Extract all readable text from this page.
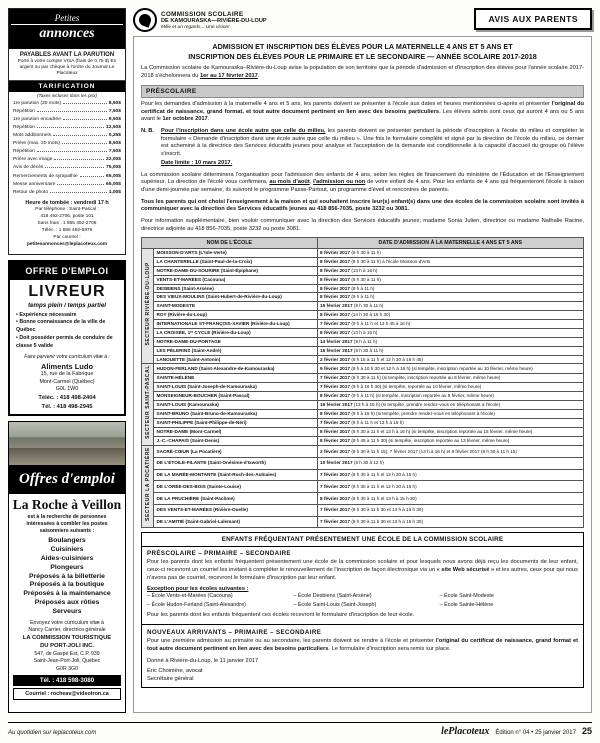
Petites
annonces
PAYABLES AVANT LA PARUTION
Porté à votre compte VISA (frais de 0,75 $) En argent ou par chèque à l'ordre du Journal Le Placoteux
TARIFICATION
(Taxes incluses dans les prix)
1re parution (20 mots)	8,50$
Répétition	7,50$
1re parution encadrée	9,50$
Répétition	12,50$
Mots additionnels	0,25$
Prière (max. 20 mots)	8,50$
Répétition	7,50$
Prière avec image	22,00$
Avis de décès	75,00$
Remerciements de sympathie	65,00$
Messe anniversaire	65,00$
Retour de photo	1,00$
Heure de tombée : vendredi 17 h
Par téléphone : Saint-Pascal :
418 492-2706, poste 101
Sans frais : 1 855 492-2706
Téléc. : 1 855 492-5976
Par courriel :
petitesannonces@leplacoteux.com
OFFRE D'EMPLOI
LIVREUR
temps plein / temps partiel
• Expérience nécessaire
• Bonne connaissance de la ville de Québec
• Doit posséder permis de conduire de classe 5 valide
Faire parvenir votre curriculum vitæ à :
Aliments Ludo
15, rue de la Fabrique
Mont-Carmel (Québec)
G0L 1W0
Téléc. : 418 498-2404
Tél. : 418 498-2945
Offres d'emploi
La Roche à Veillon
est à la recherche de personnes intéressées à combler les postes saisonniers suivants :
Boulangers
Cuisiniers
Aides-cuisiniers
Plongeurs
Préposés à la billetterie
Préposés à la boutique
Préposés à la maintenance
Préposés aux rôties
Serveurs
Envoyez votre curriculum vitæ à
Nancy Carrier, directrice générale
LA COMMISSION TOURISTIQUE
DU PORT-JOLI INC.
547, de Gaspé Est, C.P. 939
Saint-Jean-Port-Joli, Québec
G0R 3G0
Tél. : 418 598-3080
Courriel : rocheav@videotron.ca
COMMISSION SCOLAIRE
DE KAMOURASKA—RIVIÈRE-DU-LOUP
Mille et un regards... Une vision!
AVIS AUX PARENTS
ADMISSION ET INSCRIPTION DES ÉLÈVES POUR LA MATERNELLE 4 ANS ET 5 ANS ET
INSCRIPTION DES ÉLÈVES POUR LE PRIMAIRE ET LE SECONDAIRE — ANNÉE SCOLAIRE 2017-2018

La Commission scolaire de Kamouraska–Rivière-du-Loup avise la population de son territoire que la période d'admission et d'inscription des élèves pour l'année scolaire 2017-2018 s'échelonnera du 1er au 17 février 2017.

PRÉSCOLAIRE

Pour les demandes d'admission à la maternelle 4 ans et 5 ans, les parents doivent se présenter à l'école aux dates et heures mentionnées ci-après et présenter l'original du certificat de naissance, grand format, et tout autre document pertinent en lien avec des besoins particuliers. Les élèves admis sont ceux qui auront 4 ans ou 5 ans avant le 1er octobre 2017.

N. B.	Pour l'inscription dans une école autre que celle du milieu, les parents doivent se présenter pendant la période d'inscription à l'école du milieu et compléter le formulaire « Demande d'inscription dans une école autre que celle du milieu ». Une fois le formulaire complété et signé par la direction de l'école du milieu, ce dernier est acheminé à la directrice des Services éducatifs jeunes pour analyse et l'acceptation de la demande est conditionnelle à la capacité d'accueil du groupe où l'élève s'inscrit.
Date limite : 10 mars 2017.

La commission scolaire déterminera l'organisation pour l'admission des enfants de 4 ans, selon les règles de financement du ministère de l'Éducation et de l'Enseignement supérieur. La direction de l'école vous confirmera, au mois d'août, l'admission ou non de votre enfant de 4 ans. Pour les enfants de 4 ans qui fréquenteront l'école à raison d'une demi-journée par semaine, ils suivront le programme Passe-Partout, un programme d'éveil et rencontres de parents.

Tous les parents qui ont choisi l'enseignement à la maison et qui souhaitent inscrire leur(s) enfant(s) dans une des écoles de la commission scolaire sont invités à communiquer avec la direction des Services éducatifs jeunes au 418 856-7035, poste 3232 ou 3081.

Pour information supplémentaire, bien vouloir communiquer avec la direction des Services éducatifs jeunes; madame Sonia Julien, directrice ou madame Nathalie Racine, directrice adjointe au 418 856-7035, poste 3232 ou poste 3081.

NOM DE L'ÉCOLE		DATE D'ADMISSION À LA MATERNELLE 4 ANS ET 5 ANS
SECTEUR RIVIÈRE-DU-LOUP	MOISSON-D'ARTS (L'Isle-Verte)	8 février 2017 (8 h 30 à 11 h)
	LA CHANTERELLE (Saint-Paul-de-la-Croix)	8 février 2017 (8 h 30 à 11 h) à l'école Moisson-d'Arts
	NOTRE-DAME-DU-SOURIRE (Saint-Épiphane)	8 février 2017 (13 h à 16 h)
	VENTS-ET-MARÉES (Cacouna)	8 février 2017 (8 h 30 à 11 h)
	DESBIENS (Saint-Arsène)	8 février 2017 (8 h à 11 h)
	DES VIEUX-MOULINS (Saint-Hubert-de-Rivière-du-Loup)	8 février 2017 (9 h à 11 h)
	SAINT-MODESTE	15 février 2017 (8 h 30 à 11 h)
	ROY (Rivière-du-Loup)	8 février 2017 (14 h 30 à 16 h 30)
	INTERNATIONALE ST-FRANÇOIS-XAVIER (Rivière-du-Loup)	7 février 2017 (9 h à 11 h et 13 h 45 à 16 h)
	LA CROISÉE, 1ᵉʳ CYCLE (Rivière-du-Loup)	8 février 2017 (13 h à 16 h)
	NOTRE-DAME-DU-PORTAGE	14 février 2017 (9 h à 11 h)
	LES PÈLERINS (Saint-André)	15 février 2017 (8 h 30 à 11 h)
	LANOUETTE (Saint-Antonin)	2 février 2017 (8 h 15 à 11 h et 12 h 30 à 16 h 45)
SECTEUR SAINT-PASCAL	HUDON-FERLAND (Saint-Alexandre-de-Kamouraska)	9 février 2017 (8 h à 10 h 30 et 12 h à 16 h) (si tempête, inscription reportée au 10 février, même heure)
	SAINTE-HÉLÈNE	7 février 2017 (8 h 30 à 11 h) (si tempête, inscription reportée au 8 février, même heure)
	SAINT-LOUIS (Saint-Joseph-de-Kamouraska)	7 février 2017 (9 h à 16 h 30) (si tempête, reportée au 10 février, même heure)
	MONSEIGNEUR-BOUCHER (Saint-Pascal)	8 février 2017 (9 h à 11 h) (si tempête, inscription reportée au 9 février, même heure)
	SAINT-LOUIS (Kamouraska)	16 février 2017 (13 h à 16 h) (si tempête, prendre rendez-vous en téléphonant à l'école)
	SAINT-BRUNO (Saint-Bruno-de-Kamouraska)	8 février 2017 (9 h à 16 h) (si tempête, prendre rendez-vous en téléphonant à l'école)
	SAINT-PHILIPPE (Saint-Philippe-de-Néri)	7 février 2017 (9 h à 11 h et 13 h à 16 h)
	NOTRE-DAME (Mont-Carmel)	8 février 2017 (8 h 30 à 11 h et 13 h à 16 h) (si tempête, inscription reportée au 15 février, même heure)
	J.-C.-CHAPAIS (Saint-Denis)	8 février 2017 (8 h 45 à 11 h 30) (si tempête, inscription reportée au 13 février, même heure)
SECTEUR LA POCATIÈRE	SACRÉ-CŒUR (La Pocatière)	2 février 2017 (8 h 30 à 11 h 15), 7 février 2017 (13 h à 16 h) et 8 février 2017 (8 h 30 à 11 h 15)
	DE L'ÉTOILE-FILANTE (Saint-Onésime-d'Ixworth)	10 février 2017 (8 h 30 à 12 h)
	DE LA MARÉE-MONTANTE (Saint-Roch-des-Aulnaies)	7 février 2017 (8 h 30 à 11 h et 12 h 30 à 15 h)
	DE L'ORÉE-DES-BOIS (Sainte-Louise)	7 février 2017 (8 h 30 à 11 h et 12 h 30 à 15 h)
	DE LA PRUCHIÈRE (Saint-Pacôme)	8 février 2017 (8 h 30 à 11 h et 13 h à 15 h 30)
	DES VENTS-ET-MARÉES (Rivière-Ouelle)	7 février 2017 (8 h 30 à 11 h 30 et 13 h à 15 h 30)
	DE L'AMITIÉ (Saint-Gabriel-Lalemant)	7 février 2017 (8 h 30 à 11 h 30 et 13 h à 15 h 30)
ENFANTS FRÉQUENTANT PRÉSENTEMENT UNE ÉCOLE DE LA COMMISSION SCOLAIRE
PRÉSCOLAIRE – PRIMAIRE – SECONDAIRE

Pour les parents dont les enfants fréquentent présentement une école de la commission scolaire et pour lesquels nous avons déjà reçu les documents de leur enfant, ceux-ci recevront un courriel les invitant à compléter le renouvellement de l'inscription de façon électronique via un « site Web sécurisé » et les autres, ceux pour qui nous n'avons pas de courriel, recevront le formulaire d'inscription par leur enfant.

Exception pour les écoles suivantes :
– École Vents-et-Marées (Cacouna)	– École Desbiens (Saint-Arsène)	– École Saint-Modeste
– École Hudon-Ferland (Saint-Alexandre)	– École Saint-Louis (Saint-Joseph)	– École Sainte-Hélène

Pour les parents dont les enfants fréquentent ces écoles recevront le formulaire d'inscription de leur école.

NOUVEAUX ARRIVANTS – PRIMAIRE – SECONDAIRE

Pour une première admission au primaire ou au secondaire, les parents doivent se rendre à l'école et présenter l'original du certificat de naissance, grand format et tout autre document pertinent en lien avec des besoins particuliers. Le formulaire d'inscription sera remis sur place.

Donné à Rivière-du-Loup, le 11 janvier 2017

Éric Choinière, avocat
Secrétaire général
Au quotidien sur leplacoteux.com	lePlacoteux Édition n° 04 • 25 janvier 2017 25
